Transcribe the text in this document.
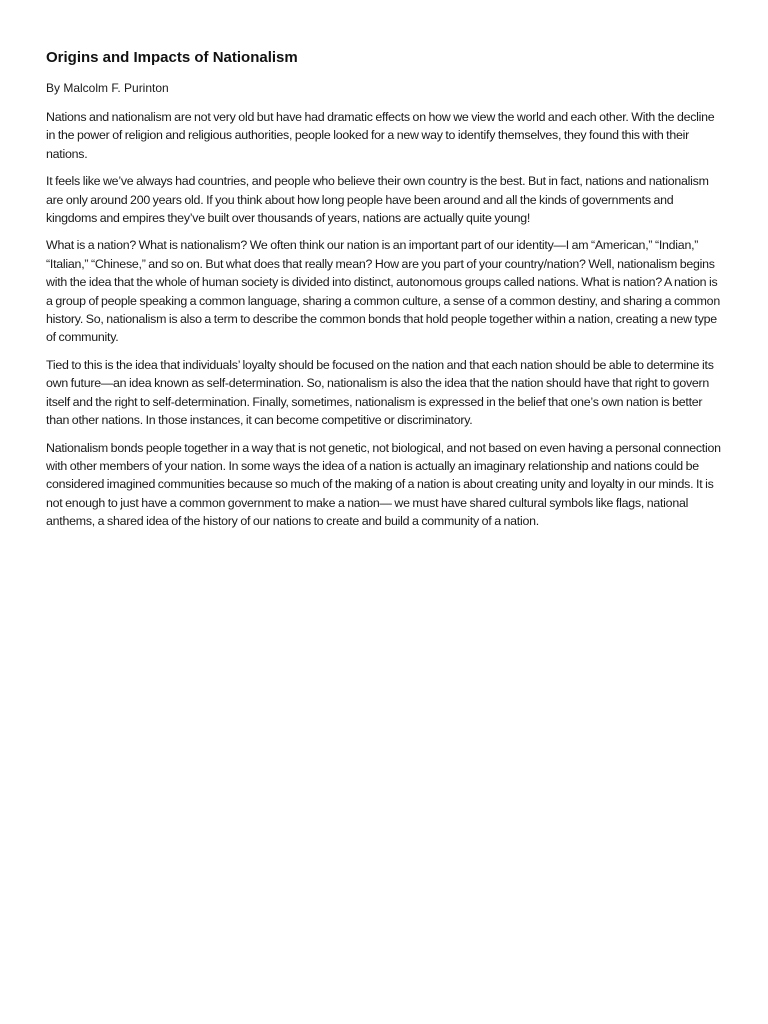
Origins and Impacts of Nationalism

By Malcolm F. Purinton

Nations and nationalism are not very old but have had dramatic effects on how we view the world and each other. With the decline in the power of religion and religious authorities, people looked for a new way to identify themselves, they found this with their nations.

It feels like we’ve always had countries, and people who believe their own country is the best. But in fact, nations and nationalism are only around 200 years old. If you think about how long people have been around and all the kinds of governments and kingdoms and empires they’ve built over thousands of years, nations are actually quite young!

What is a nation? What is nationalism? We often think our nation is an important part of our identity—I am “American,” “Indian,” “Italian,” “Chinese,” and so on. But what does that really mean? How are you part of your country/nation? Well, nationalism begins with the idea that the whole of human society is divided into distinct, autonomous groups called nations. What is nation? A nation is a group of people speaking a common language, sharing a common culture, a sense of a common destiny, and sharing a common history. So, nationalism is also a term to describe the common bonds that hold people together within a nation, creating a new type of community.

Tied to this is the idea that individuals’ loyalty should be focused on the nation and that each nation should be able to determine its own future—an idea known as self-determination. So, nationalism is also the idea that the nation should have that right to govern itself and the right to self-determination. Finally, sometimes, nationalism is expressed in the belief that one’s own nation is better than other nations. In those instances, it can become competitive or discriminatory.

Nationalism bonds people together in a way that is not genetic, not biological, and not based on even having a personal connection with other members of your nation. In some ways the idea of a nation is actually an imaginary relationship and nations could be considered imagined communities because so much of the making of a nation is about creating unity and loyalty in our minds. It is not enough to just have a common government to make a nation— we must have shared cultural symbols like flags, national anthems, a shared idea of the history of our nations to create and build a community of a nation.
